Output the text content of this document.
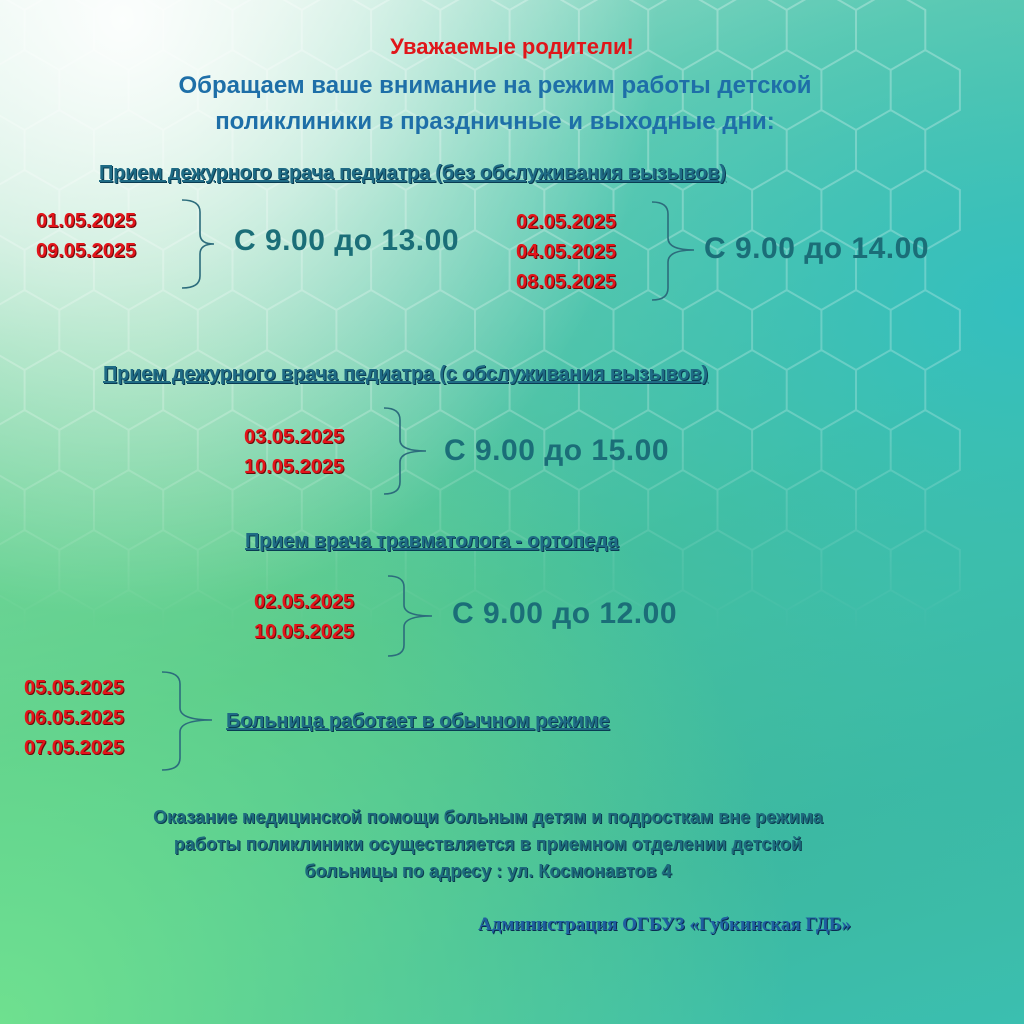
Уважаемые родители!
Обращаем ваше внимание на режим работы детской
поликлиники в праздничные и выходные дни:
Прием дежурного врача педиатра (без обслуживания вызывов)
01.05.2025
09.05.2025	С 9.00 до 13.00
02.05.2025
04.05.2025
08.05.2025
С 9.00 до 14.00
Прием дежурного врача педиатра (с обслуживания вызывов)
03.05.2025
10.05.2025	С 9.00 до 15.00
Прием врача травматолога - ортопеда
02.05.2025
10.05.2025
С 9.00 до 12.00
05.05.2025
06.05.2025
07.05.2025
Больница работает в обычном режиме
Оказание медицинской помощи больным детям и подросткам вне режима
работы поликлиники осуществляется в приемном отделении детской
больницы по адресу : ул. Космонавтов 4
Администрация ОГБУЗ «Губкинская ГДБ»
